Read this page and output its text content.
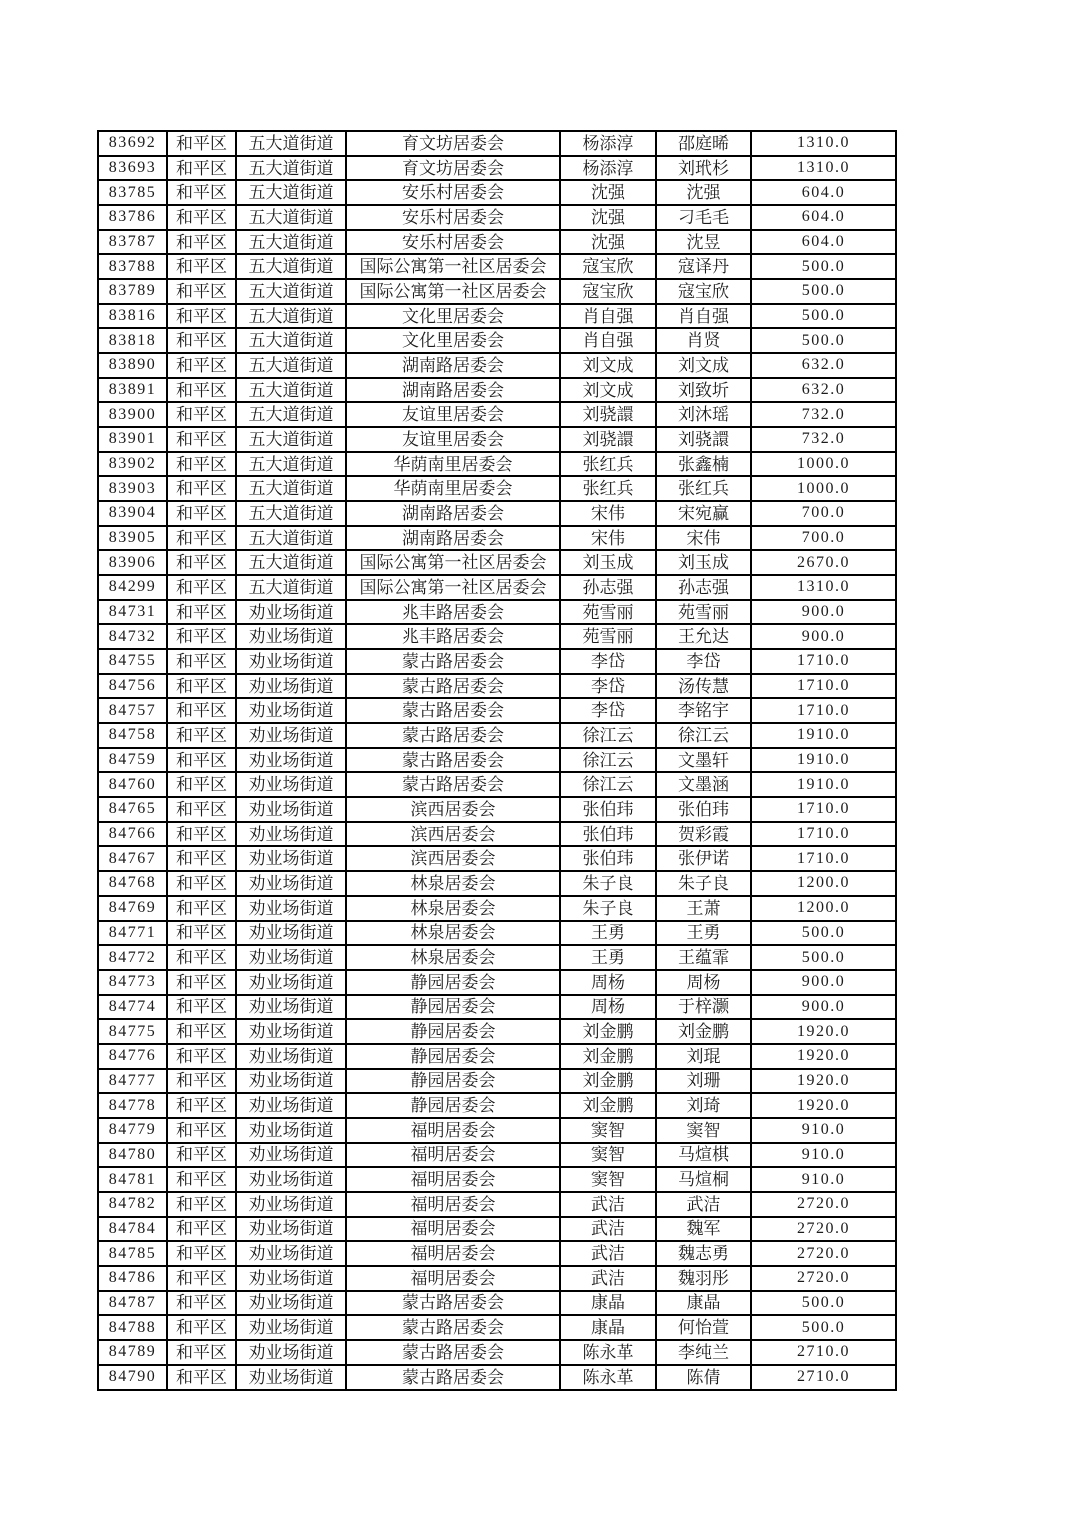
83692	和平区	五大道街道	育文坊居委会	杨添淳	邵庭晞	1310.0
83693	和平区	五大道街道	育文坊居委会	杨添淳	刘玳杉	1310.0
83785	和平区	五大道街道	安乐村居委会	沈强	沈强	604.0
83786	和平区	五大道街道	安乐村居委会	沈强	刁毛毛	604.0
83787	和平区	五大道街道	安乐村居委会	沈强	沈昱	604.0
83788	和平区	五大道街道	国际公寓第一社区居委会	寇宝欣	寇译丹	500.0
83789	和平区	五大道街道	国际公寓第一社区居委会	寇宝欣	寇宝欣	500.0
83816	和平区	五大道街道	文化里居委会	肖自强	肖自强	500.0
83818	和平区	五大道街道	文化里居委会	肖自强	肖贤	500.0
83890	和平区	五大道街道	湖南路居委会	刘文成	刘文成	632.0
83891	和平区	五大道街道	湖南路居委会	刘文成	刘致圻	632.0
83900	和平区	五大道街道	友谊里居委会	刘骁譞	刘沐瑶	732.0
83901	和平区	五大道街道	友谊里居委会	刘骁譞	刘骁譞	732.0
83902	和平区	五大道街道	华荫南里居委会	张红兵	张鑫楠	1000.0
83903	和平区	五大道街道	华荫南里居委会	张红兵	张红兵	1000.0
83904	和平区	五大道街道	湖南路居委会	宋伟	宋宛赢	700.0
83905	和平区	五大道街道	湖南路居委会	宋伟	宋伟	700.0
83906	和平区	五大道街道	国际公寓第一社区居委会	刘玉成	刘玉成	2670.0
84299	和平区	五大道街道	国际公寓第一社区居委会	孙志强	孙志强	1310.0
84731	和平区	劝业场街道	兆丰路居委会	苑雪丽	苑雪丽	900.0
84732	和平区	劝业场街道	兆丰路居委会	苑雪丽	王允达	900.0
84755	和平区	劝业场街道	蒙古路居委会	李岱	李岱	1710.0
84756	和平区	劝业场街道	蒙古路居委会	李岱	汤传慧	1710.0
84757	和平区	劝业场街道	蒙古路居委会	李岱	李铭宇	1710.0
84758	和平区	劝业场街道	蒙古路居委会	徐江云	徐江云	1910.0
84759	和平区	劝业场街道	蒙古路居委会	徐江云	文墨轩	1910.0
84760	和平区	劝业场街道	蒙古路居委会	徐江云	文墨涵	1910.0
84765	和平区	劝业场街道	滨西居委会	张伯玮	张伯玮	1710.0
84766	和平区	劝业场街道	滨西居委会	张伯玮	贺彩霞	1710.0
84767	和平区	劝业场街道	滨西居委会	张伯玮	张伊诺	1710.0
84768	和平区	劝业场街道	林泉居委会	朱子良	朱子良	1200.0
84769	和平区	劝业场街道	林泉居委会	朱子良	王萧	1200.0
84771	和平区	劝业场街道	林泉居委会	王勇	王勇	500.0
84772	和平区	劝业场街道	林泉居委会	王勇	王蕴霏	500.0
84773	和平区	劝业场街道	静园居委会	周杨	周杨	900.0
84774	和平区	劝业场街道	静园居委会	周杨	于梓灏	900.0
84775	和平区	劝业场街道	静园居委会	刘金鹏	刘金鹏	1920.0
84776	和平区	劝业场街道	静园居委会	刘金鹏	刘琨	1920.0
84777	和平区	劝业场街道	静园居委会	刘金鹏	刘珊	1920.0
84778	和平区	劝业场街道	静园居委会	刘金鹏	刘琦	1920.0
84779	和平区	劝业场街道	福明居委会	窦智	窦智	910.0
84780	和平区	劝业场街道	福明居委会	窦智	马煊棋	910.0
84781	和平区	劝业场街道	福明居委会	窦智	马煊桐	910.0
84782	和平区	劝业场街道	福明居委会	武洁	武洁	2720.0
84784	和平区	劝业场街道	福明居委会	武洁	魏军	2720.0
84785	和平区	劝业场街道	福明居委会	武洁	魏志勇	2720.0
84786	和平区	劝业场街道	福明居委会	武洁	魏羽彤	2720.0
84787	和平区	劝业场街道	蒙古路居委会	康晶	康晶	500.0
84788	和平区	劝业场街道	蒙古路居委会	康晶	何怡萱	500.0
84789	和平区	劝业场街道	蒙古路居委会	陈永革	李纯兰	2710.0
84790	和平区	劝业场街道	蒙古路居委会	陈永革	陈倩	2710.0
